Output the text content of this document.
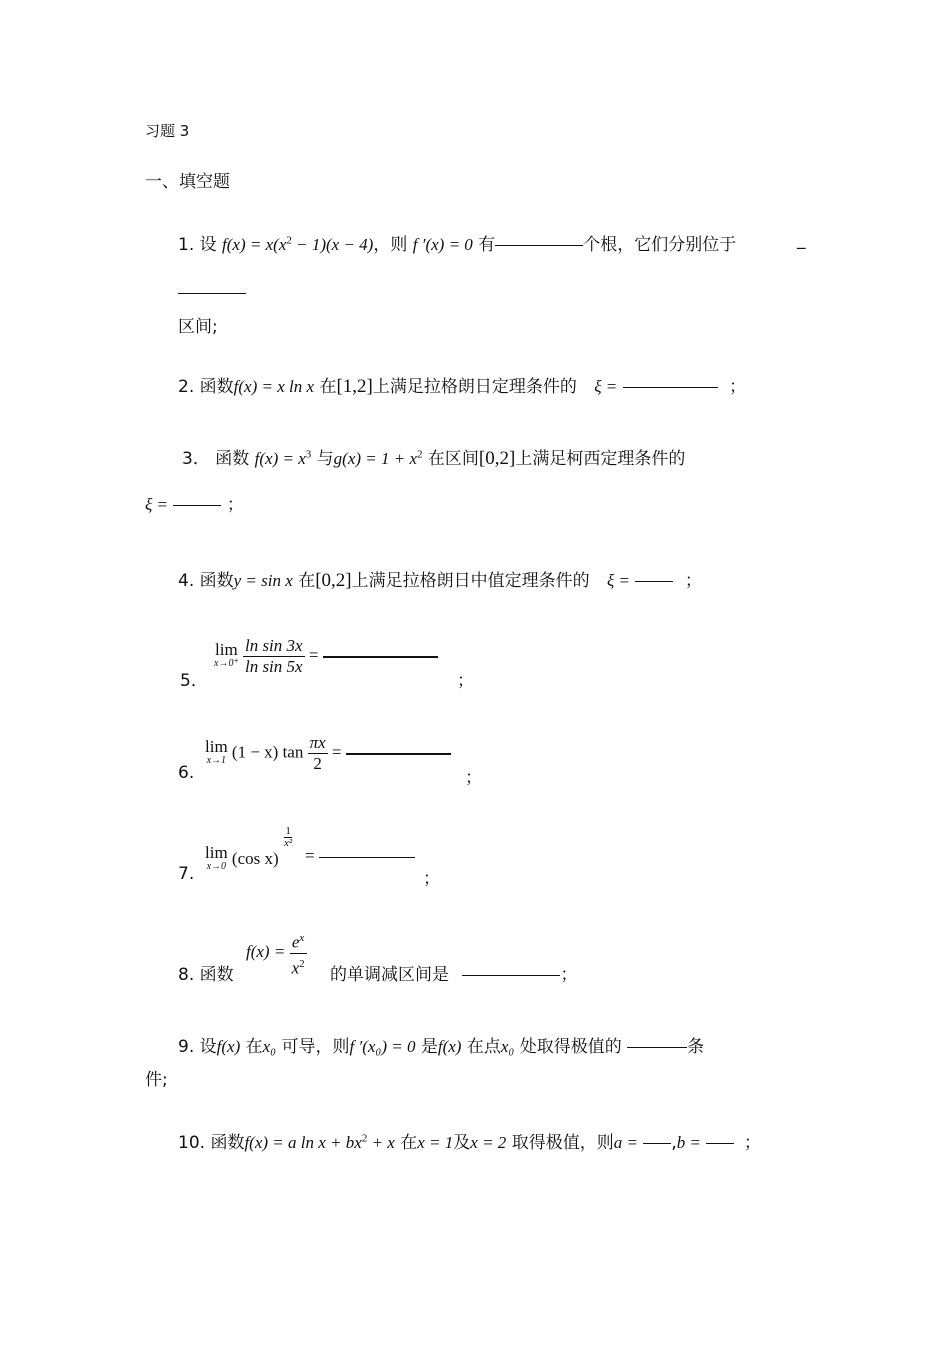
习题 3
一、填空题
1. 设 $f(x) = x(x^2 - 1)(x - 4)$，则 f ′(x) = 0 有	个根，它们分别位于	_
区间;
2. 函数f(x) = x ln x 在[1,2]上满足拉格朗日定理条件的 ξ =	；
3． 函数 $f(x) = x^3$ 与$g(x) = 1 + x^2$ 在区间[0,2]上满足柯西定理条件的
ξ =	；
4. 函数y = sin x 在[0,2]上满足拉格朗日中值定理条件的 ξ =	；
5．
lim
x→0⁺
$\frac{\text{ln sin 3x}}{\text{ln sin 5x}}$ =
；
6.
lim
x→1 (1 − x) $\tan \frac{\pi x}{2}$ =
；
7.
lim
x→0 (cos x)
1
x²
=
；
8. 函数
$f(x) = \frac{e^x}{x^2}$ 的单调减区间是	；
9. 设f(x) 在x₀ 可导，则f ′(x₀) = 0 是f(x) 在点x₀ 处取得极值的	条
件;
10. 函数f(x) = a $\ln x + bx^2 + x$ 在x = 1及x = 2 取得极值，则a = ,b =	；
